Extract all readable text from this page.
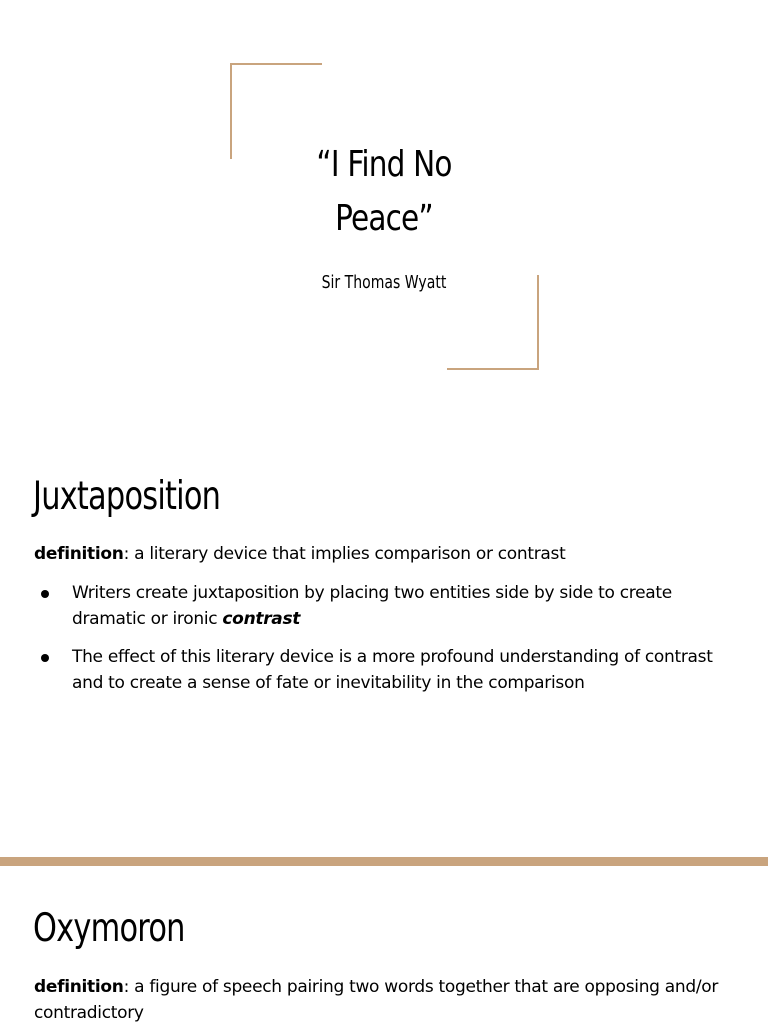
“I Find No
Peace”
Sir Thomas Wyatt
Juxtaposition
definition: a literary device that implies comparison or contrast
Writers create juxtaposition by placing two entities side by side to create dramatic or ironic contrast
The effect of this literary device is a more profound understanding of contrast and to create a sense of fate or inevitability in the comparison
Oxymoron
definition: a figure of speech pairing two words together that are opposing and/or contradictory
